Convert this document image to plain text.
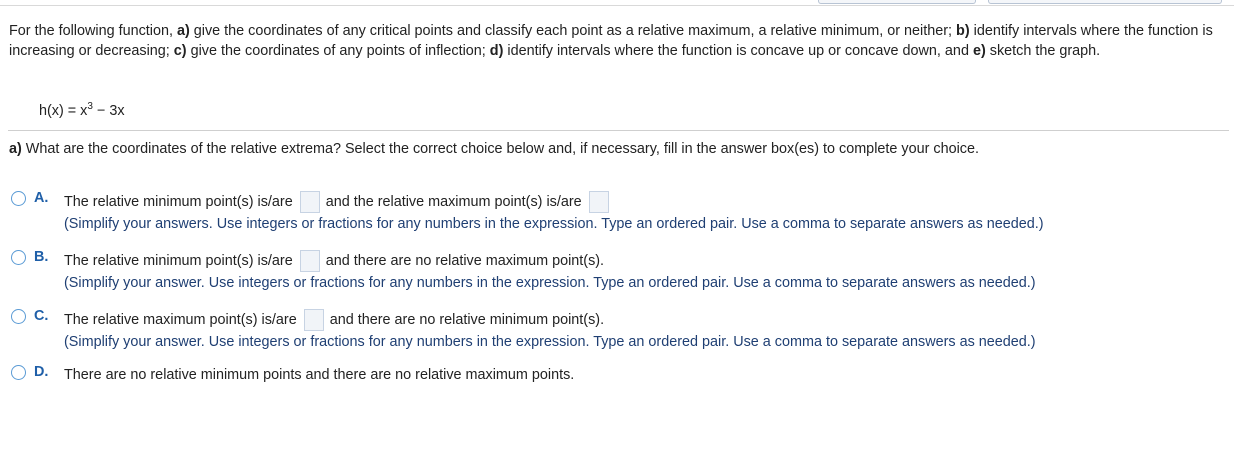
For the following function, a) give the coordinates of any critical points and classify each point as a relative maximum, a relative minimum, or neither; b) identify intervals where the function is increasing or decreasing; c) give the coordinates of any points of inflection; d) identify intervals where the function is concave up or concave down, and e) sketch the graph.
$h(x) = x^3 - 3x$
a) What are the coordinates of the relative extrema? Select the correct choice below and, if necessary, fill in the answer box(es) to complete your choice.
A. The relative minimum point(s) is/are and the relative maximum point(s) is/are
(Simplify your answers. Use integers or fractions for any numbers in the expression. Type an ordered pair. Use a comma to separate answers as needed.)
B. The relative minimum point(s) is/are and there are no relative maximum point(s).
(Simplify your answer. Use integers or fractions for any numbers in the expression. Type an ordered pair. Use a comma to separate answers as needed.)
C. The relative maximum point(s) is/are and there are no relative minimum point(s).
(Simplify your answer. Use integers or fractions for any numbers in the expression. Type an ordered pair. Use a comma to separate answers as needed.)
D. There are no relative minimum points and there are no relative maximum points.
